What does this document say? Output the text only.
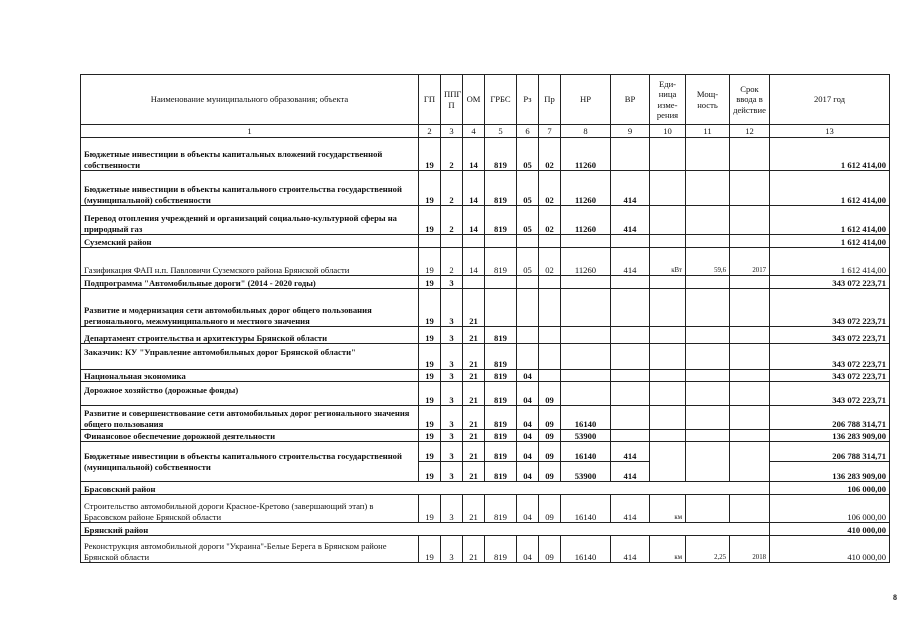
Наименование муниципального образования; объекта	ГП	ППГ П	ОМ	ГРБС	Рз	Пр	НР	ВР	Еди- ница изме- рения	Мощ- ность	Срок ввода в действие	2017 год
1	2	3	4	5	6	7	8	9	10	11	12	13
Бюджетные инвестиции в объекты капитальных вложений государственной собственности	19	2	14	819	05	02	11260					1 612 414,00
Бюджетные инвестиции в объекты капитального строительства государственной (муниципальной) собственности	19	2	14	819	05	02	11260	414				1 612 414,00
Перевод отопления учреждений и организаций социально-культурной сферы на природный газ	19	2	14	819	05	02	11260	414				1 612 414,00
Суземский район												1 612 414,00
Газификация ФАП н.п. Павловичи Суземского района Брянской области	19	2	14	819	05	02	11260	414	кВт	59,6	2017	1 612 414,00
Подпрограмма "Автомобильные дороги" (2014 - 2020 годы)	19	3										343 072 223,71
Развитие и модернизация сети автомобильных дорог общего пользования регионального, межмуниципального и местного значения	19	3	21									343 072 223,71
Департамент строительства и архитектуры Брянской области	19	3	21	819								343 072 223,71
Заказчик: КУ "Управление автомобильных дорог Брянской области"	19	3	21	819								343 072 223,71
Национальная экономика	19	3	21	819	04							343 072 223,71
Дорожное хозяйство (дорожные фонды)	19	3	21	819	04	09						343 072 223,71
Развитие и совершенствование сети автомобильных дорог регионального значения общего пользования	19	3	21	819	04	09	16140					206 788 314,71
Финансовое обеспечение дорожной деятельности	19	3	21	819	04	09	53900					136 283 909,00
Бюджетные инвестиции в объекты капитального строительства государственной (муниципальной) собственности	19	3	21	819	04	09	16140	414				206 788 314,71
	19	3	21	819	04	09	53900	414				136 283 909,00
Брасовский район												106 000,00
Строительство автомобильной дороги Красное-Кретово (завершающий этап) в Брасовском районе Брянской области	19	3	21	819	04	09	16140	414	км			106 000,00
Брянский район												410 000,00
Реконструкция автомобильной дороги "Украина"-Белые Берега в Брянском районе Брянской области	19	3	21	819	04	09	16140	414	км	2,25	2018	410 000,00
8
